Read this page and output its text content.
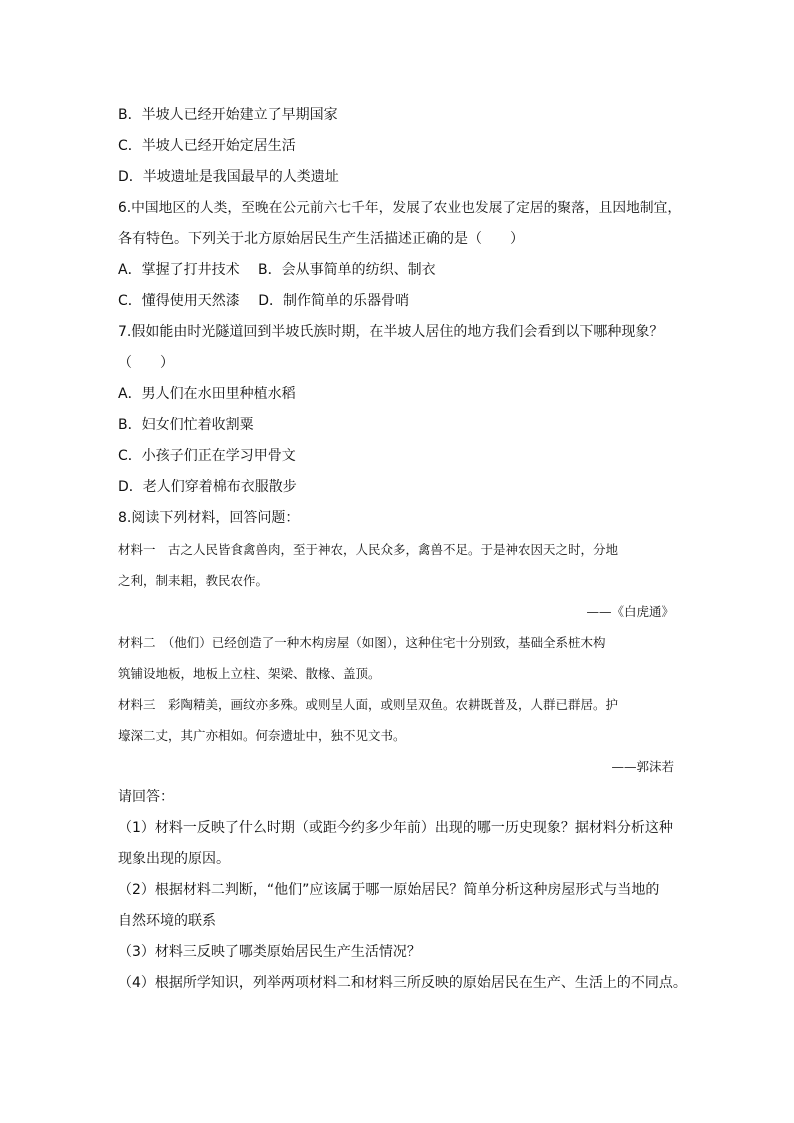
B．半坡人已经开始建立了早期国家
C．半坡人已经开始定居生活
D．半坡遗址是我国最早的人类遗址
6.中国地区的人类，至晚在公元前六七千年，发展了农业也发展了定居的聚落，且因地制宜，
各有特色。下列关于北方原始居民生产生活描述正确的是（　　）
A．掌握了打井技术　 B．会从事简单的纺织、制衣
C．懂得使用天然漆　 D．制作简单的乐器骨哨
7.假如能由时光隧道回到半坡氏族时期，在半坡人居住的地方我们会看到以下哪种现象？
（　　）
A．男人们在水田里种植水稻
B．妇女们忙着收割粟
C．小孩子们正在学习甲骨文
D．老人们穿着棉布衣服散步
8.阅读下列材料，回答问题：
材料一　古之人民皆食禽兽肉，至于神农，人民众多，禽兽不足。于是神农因天之时，分地
之利，制耒耜，教民农作。
——《白虎通》
材料二　（他们）已经创造了一种木构房屋（如图），这种住宅十分别致，基础全系桩木构
筑铺设地板，地板上立柱、架梁、散椽、盖顶。
材料三　彩陶精美，画纹亦多殊。或则呈人面，或则呈双鱼。农耕既普及，人群已群居。护
壕深二丈，其广亦相如。何奈遗址中，独不见文书。
——郭沫若
请回答：
（1）材料一反映了什么时期（或距今约多少年前）出现的哪一历史现象？据材料分析这种
现象出现的原因。
（2）根据材料二判断，“他们”应该属于哪一原始居民？简单分析这种房屋形式与当地的
自然环境的联系
（3）材料三反映了哪类原始居民生产生活情况？
（4）根据所学知识，列举两项材料二和材料三所反映的原始居民在生产、生活上的不同点。
